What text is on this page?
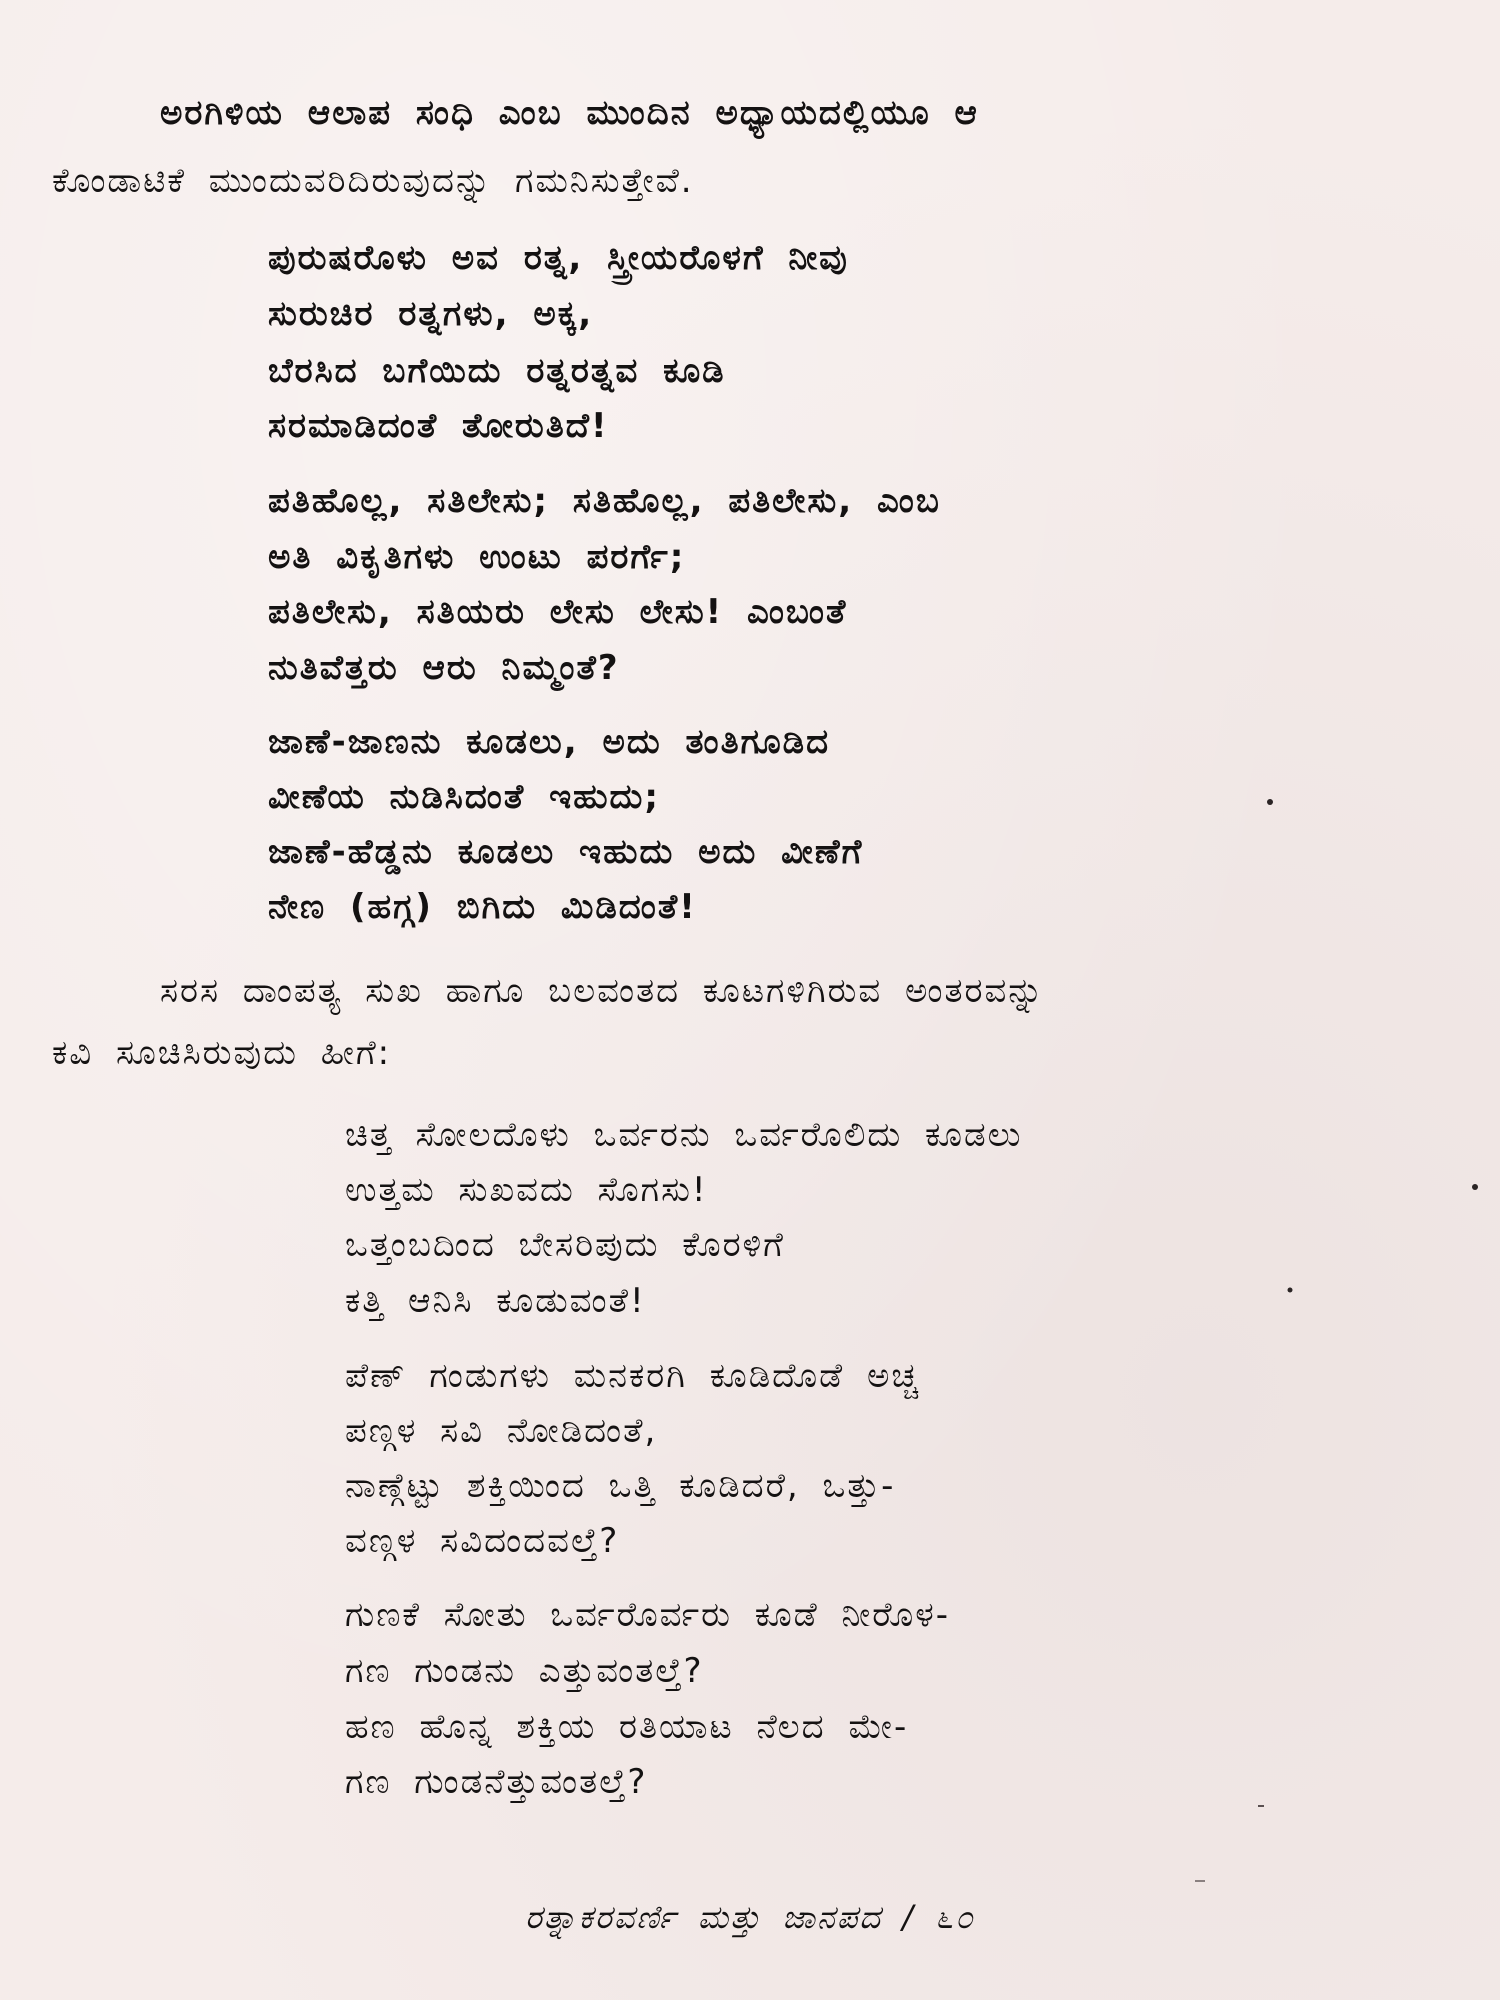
ಅರಗಿಳಿಯ ಆಲಾಪ ಸಂಧಿ ಎಂಬ ಮುಂದಿನ ಅಧ್ಯಾಯದಲ್ಲಿಯೂ ಆ
ಕೊಂಡಾಟಿಕೆ ಮುಂದುವರಿದಿರುವುದನ್ನು ಗಮನಿಸುತ್ತೇವೆ.
ಪುರುಷರೊಳು ಅವ ರತ್ನ, ಸ್ತ್ರೀಯರೊಳಗೆ ನೀವು
ಸುರುಚಿರ ರತ್ನಗಳು, ಅಕ್ಕ,
ಬೆರಸಿದ ಬಗೆಯಿದು ರತ್ನರತ್ನವ ಕೂಡಿ
ಸರಮಾಡಿದಂತೆ ತೋರುತಿದೆ!
ಪತಿಹೊಲ್ಲ, ಸತಿಲೇಸು; ಸತಿಹೊಲ್ಲ, ಪತಿಲೇಸು, ಎಂಬ
ಅತಿ ವಿಕೃತಿಗಳು ಉಂಟು ಪರರ್ಗೆ;
ಪತಿಲೇಸು, ಸತಿಯರು ಲೇಸು ಲೇಸು! ಎಂಬಂತೆ
ನುತಿವೆತ್ತರು ಆರು ನಿಮ್ಮಂತೆ?
ಜಾಣೆ-ಜಾಣನು ಕೂಡಲು, ಅದು ತಂತಿಗೂಡಿದ
ವೀಣೆಯ ನುಡಿಸಿದಂತೆ ಇಹುದು;
ಜಾಣೆ-ಹೆಡ್ಡನು ಕೂಡಲು ಇಹುದು ಅದು ವೀಣೆಗೆ
ನೇಣ (ಹಗ್ಗ) ಬಿಗಿದು ಮಿಡಿದಂತೆ!
ಸರಸ ದಾಂಪತ್ಯ ಸುಖ ಹಾಗೂ ಬಲವಂತದ ಕೂಟಗಳಿಗಿರುವ ಅಂತರವನ್ನು
ಕವಿ ಸೂಚಿಸಿರುವುದು ಹೀಗೆ:
ಚಿತ್ತ ಸೋಲದೊಳು ಒರ್ವರನು ಒರ್ವರೊಲಿದು ಕೂಡಲು
ಉತ್ತಮ ಸುಖವದು ಸೊಗಸು!
ಒತ್ತಂಬದಿಂದ ಬೇಸರಿಪುದು ಕೊರಳಿಗೆ
ಕತ್ತಿ ಆನಿಸಿ ಕೂಡುವಂತೆ!
ಪೆಣ್ ಗಂಡುಗಳು ಮನಕರಗಿ ಕೂಡಿದೊಡೆ ಅಚ್ಚ
ಪಣ್ಗಳ ಸವಿ ನೋಡಿದಂತೆ,
ನಾಣ್ಗೆಟ್ಟು ಶಕ್ತಿಯಿಂದ ಒತ್ತಿ ಕೂಡಿದರೆ, ಒತ್ತು-
ವಣ್ಗಳ ಸವಿದಂದವಲ್ತೆ?
ಗುಣಕೆ ಸೋತು ಒರ್ವರೊರ್ವರು ಕೂಡೆ ನೀರೊಳ-
ಗಣ ಗುಂಡನು ಎತ್ತುವಂತಲ್ತೆ?
ಹಣ ಹೊನ್ನ ಶಕ್ತಿಯ ರತಿಯಾಟ ನೆಲದ ಮೇ-
ಗಣ ಗುಂಡನೆತ್ತುವಂತಲ್ತೆ?
ರತ್ನಾಕರವರ್ಣಿ ಮತ್ತು ಜಾನಪದ / ೬೦
